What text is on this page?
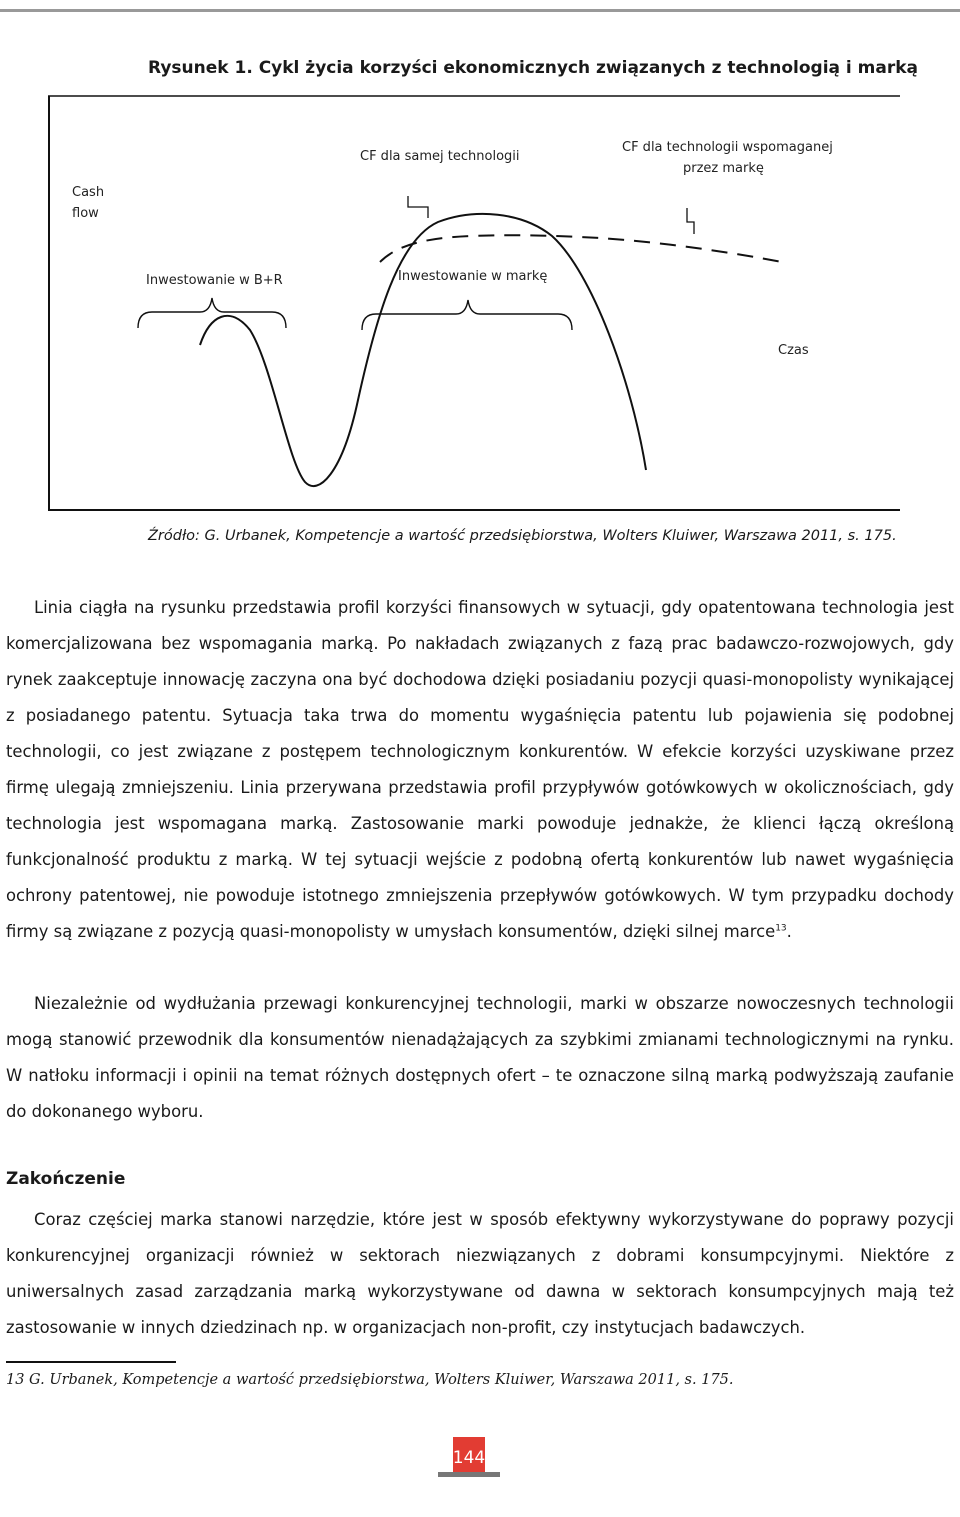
Rysunek 1. Cykl życia korzyści ekonomicznych związanych z technologią i marką
Cash
flow
Czas
CF dla samej technologii
CF dla technologii wspomaganej
przez markę
Inwestowanie w B+R	Inwestowanie w markę

Źródło: G. Urbanek, Kompetencje a wartość przedsiębiorstwa, Wolters Kluiwer, Warszawa 2011, s. 175.

Linia ciągła na rysunku przedstawia profil korzyści finansowych w sytuacji, gdy opatentowana technologia jest komercjalizowana bez wspomagania marką. Po nakładach związanych z fazą prac badawczo-rozwojowych, gdy rynek zaakceptuje innowację zaczyna ona być dochodowa dzięki posiadaniu pozycji quasi-monopolisty wynikającej z posiadanego patentu. Sytuacja taka trwa do momentu wygaśnięcia patentu lub pojawienia się podobnej technologii, co jest związane z postępem technologicznym konkurentów. W efekcie korzyści uzyskiwane przez firmę ulegają zmniejszeniu. Linia przerywana przedstawia profil przypływów gotówkowych w okolicznościach, gdy technologia jest wspomagana marką. Zastosowanie marki powoduje jednakże, że klienci łączą określoną funkcjonalność produktu z marką. W tej sytuacji wejście z podobną ofertą konkurentów lub nawet wygaśnięcia ochrony patentowej, nie powoduje istotnego zmniejszenia przepływów gotówkowych. W tym przypadku dochody firmy są związane z pozycją quasi-monopolisty w umysłach konsumentów, dzięki silnej marce$^{13}$.

Niezależnie od wydłużania przewagi konkurencyjnej technologii, marki w obszarze nowoczesnych technologii mogą stanowić przewodnik dla konsumentów nienadążających za szybkimi zmianami technologicznymi na rynku. W natłoku informacji i opinii na temat różnych dostępnych ofert – te oznaczone silną marką podwyższają zaufanie do dokonanego wyboru.

Zakończenie

Coraz częściej marka stanowi narzędzie, które jest w sposób efektywny wykorzystywane do poprawy pozycji konkurencyjnej organizacji również w sektorach niezwiązanych z dobrami konsumpcyjnymi. Niektóre z uniwersalnych zasad zarządzania marką wykorzystywane od dawna w sektorach konsumpcyjnych mają też zastosowanie w innych dziedzinach np. w organizacjach non-profit, czy instytucjach badawczych.

13 G. Urbanek, Kompetencje a wartość przedsiębiorstwa, Wolters Kluiwer, Warszawa 2011, s. 175.

144
